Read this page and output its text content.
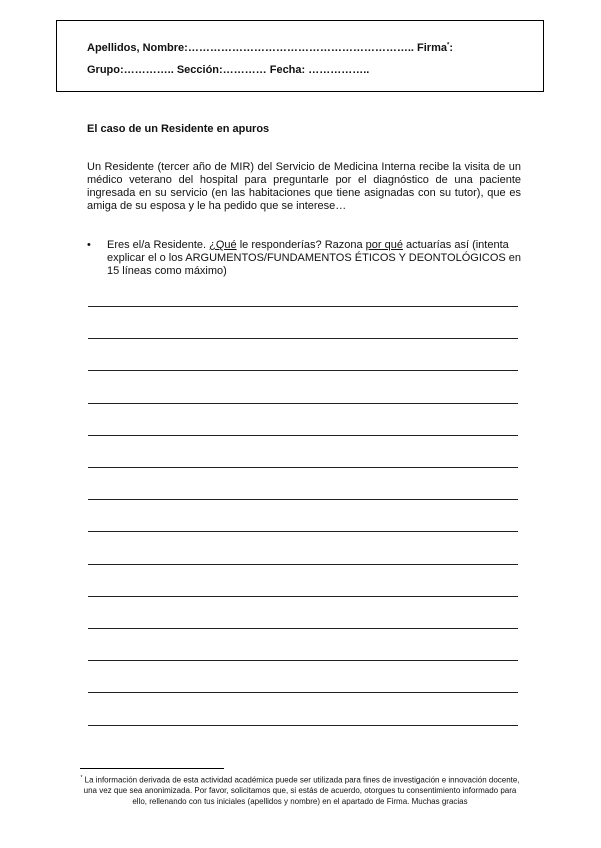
Apellidos, Nombre:…………………………………………………….. Firma*:
Grupo:………….. Sección:………… Fecha: ……………..
El caso de un Residente en apuros

Un Residente (tercer año de MIR) del Servicio de Medicina Interna recibe la visita de un médico veterano del hospital para preguntarle por el diagnóstico de una paciente ingresada en su servicio (en las habitaciones que tiene asignadas con su tutor), que es amiga de su esposa y le ha pedido que se interese…

• Eres el/a Residente. ¿Qué le responderías? Razona por qué actuarías así (intenta explicar el o los ARGUMENTOS/FUNDAMENTOS ÉTICOS Y DEONTOLÓGICOS en 15 líneas como máximo)

* La información derivada de esta actividad académica puede ser utilizada para fines de investigación e innovación docente, una vez que sea anonimizada. Por favor, solicitamos que, si estás de acuerdo, otorgues tu consentimiento informado para ello, rellenando con tus iniciales (apellidos y nombre) en el apartado de Firma. Muchas gracias
